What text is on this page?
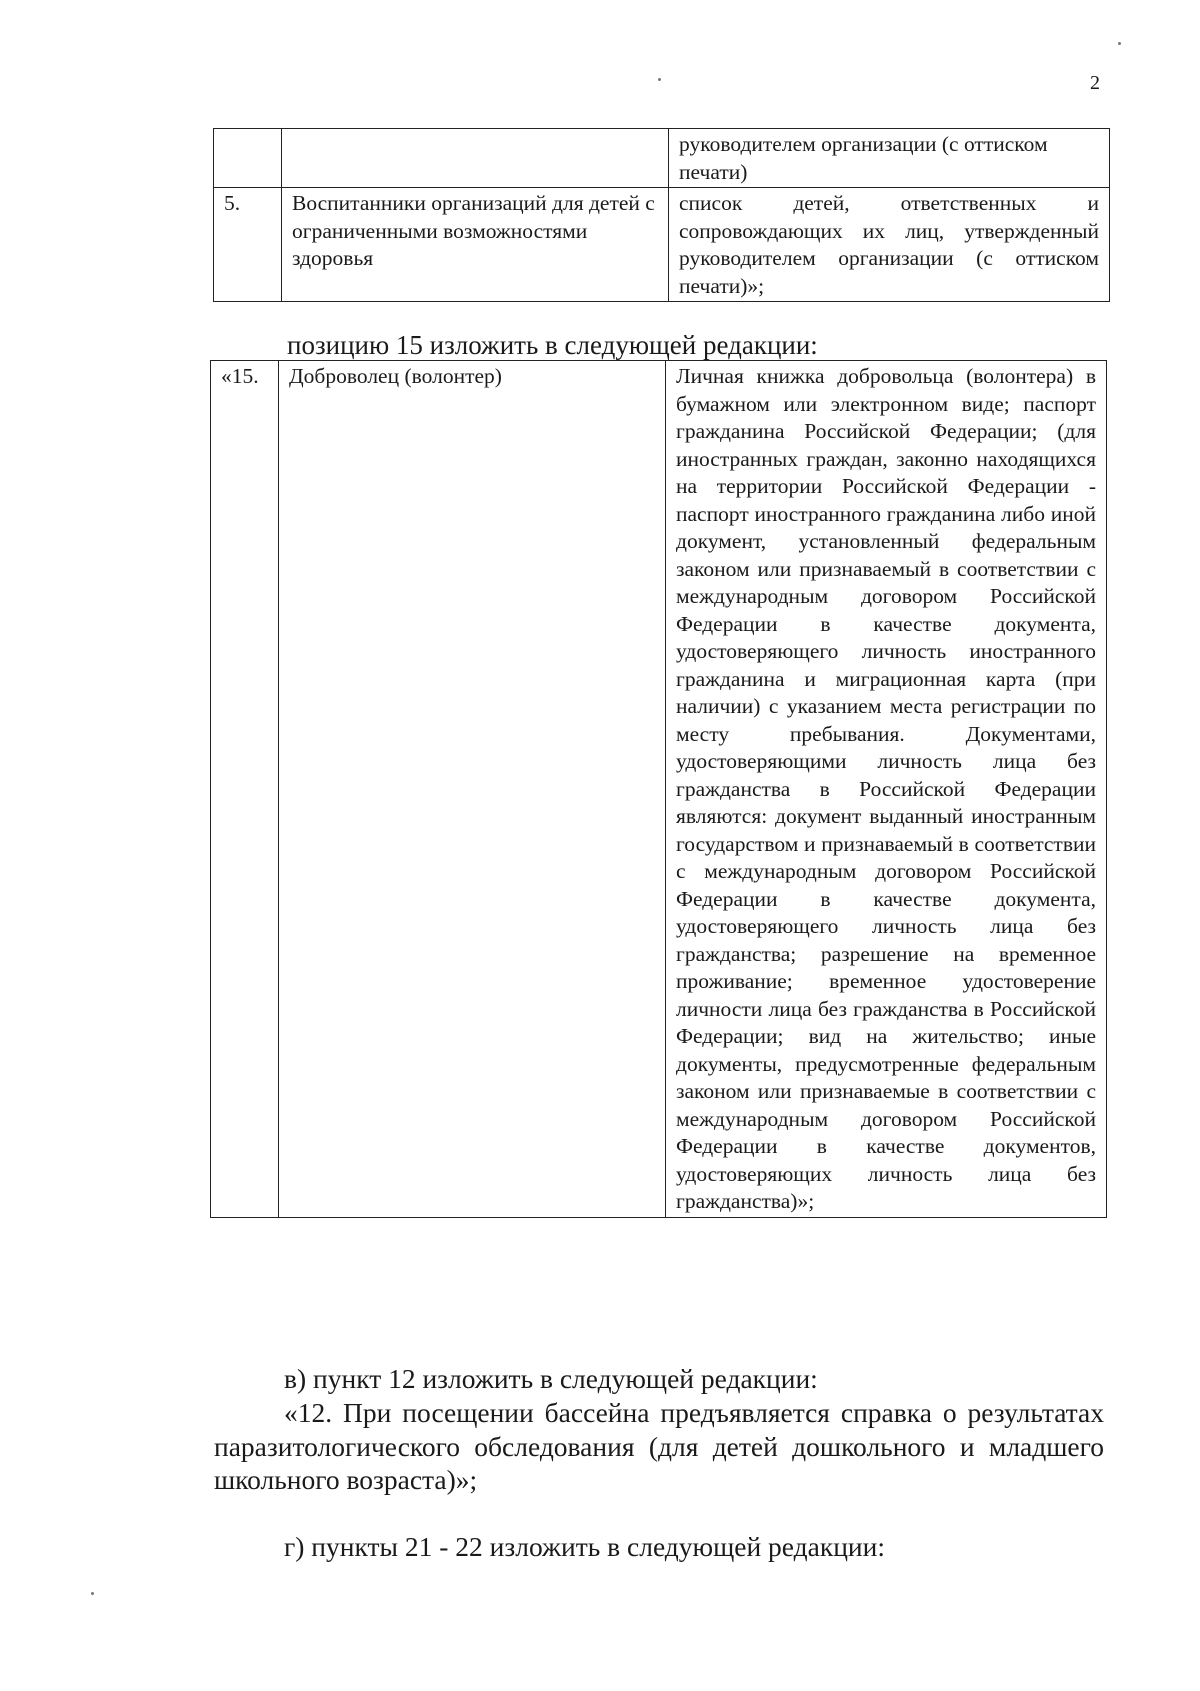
2
		руководителем организации (с оттиском печати)
5.	Воспитанники организаций для детей с ограниченными возможностями здоровья	список детей, ответственных и сопровождающих их лиц, утвержденный руководителем организации (с оттиском печати)»;

позицию 15 изложить в следующей редакции:

«15.	Доброволец (волонтер)	Личная книжка добровольца (волонтера) в бумажном или электронном виде; паспорт гражданина Российской Федерации; (для иностранных граждан, законно находящихся на территории Российской Федерации - паспорт иностранного гражданина либо иной документ, установленный федеральным законом или признаваемый в соответствии с международным договором Российской Федерации в качестве документа, удостоверяющего личность иностранного гражданина и миграционная карта (при наличии) с указанием места регистрации по месту пребывания. Документами, удостоверяющими личность лица без гражданства в Российской Федерации являются: документ выданный иностранным государством и признаваемый в соответствии с международным договором Российской Федерации в качестве документа, удостоверяющего личность лица без гражданства; разрешение на временное проживание; временное удостоверение личности лица без гражданства в Российской Федерации; вид на жительство; иные документы, предусмотренные федеральным законом или признаваемые в соответствии с международным договором Российской Федерации в качестве документов, удостоверяющих личность лица без гражданства)»;

в) пункт 12 изложить в следующей редакции:

«12. При посещении бассейна предъявляется справка о результатах паразитологического обследования (для детей дошкольного и младшего школьного возраста)»;

г) пункты 21 - 22 изложить в следующей редакции:
